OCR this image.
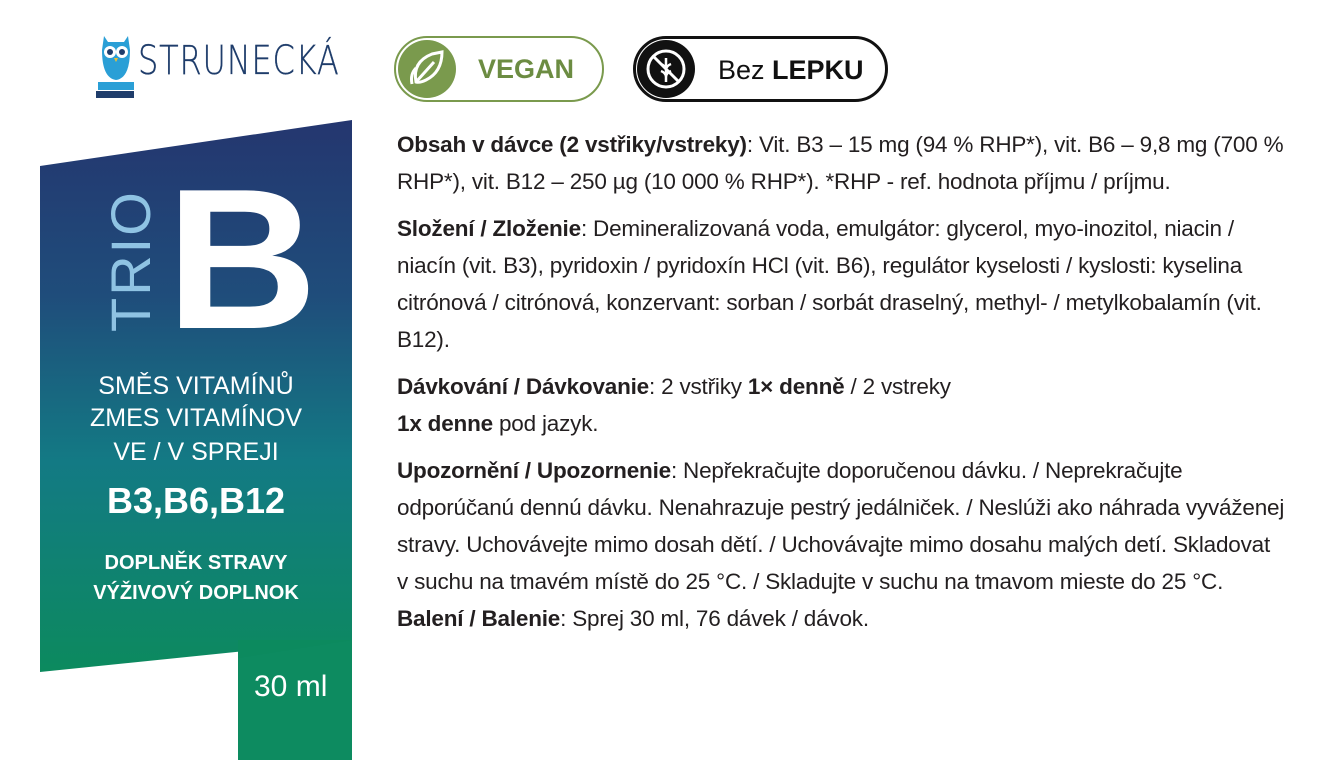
STRUNECKÁ	VEGAN	Bez LEPKU
TRIO B
SMĚS VITAMÍNŮ
ZMES VITAMÍNOV
VE / V SPREJI
B3,B6,B12
DOPLNĚK STRAVY
VÝŽIVOVÝ DOPLNOK
30 ml

Obsah v dávce (2 vstřiky/vstreky): Vit. B3 – 15 mg (94 % RHP*), vit. B6 – 9,8 mg (700 % RHP*), vit. B12 – 250 µg (10 000 % RHP*). *RHP - ref. hodnota příjmu / príjmu.

Složení / Zloženie: Demineralizovaná voda, emulgátor: glycerol, myo-inozitol, niacin / niacín (vit. B3), pyridoxin / pyridoxín HCl (vit. B6), regulátor kyselosti / kyslosti: kyselina citrónová / citrónová, konzervant: sorban / sorbát draselný, methyl- / metylkobalamín (vit. B12).

Dávkování / Dávkovanie: 2 vstřiky 1× denně / 2 vstreky
1x denne pod jazyk.

Upozornění / Upozornenie: Nepřekračujte doporučenou dávku. / Neprekračujte odporúčanú dennú dávku. Nenahrazuje pestrý jedálniček. / Neslúži ako náhrada vyváženej stravy. Uchovávejte mimo dosah dětí. / Uchovávajte mimo dosahu malých detí. Skladovat v suchu na tmavém místě do 25 °C. / Skladujte v suchu na tmavom mieste do 25 °C.

Balení / Balenie: Sprej 30 ml, 76 dávek / dávok.
